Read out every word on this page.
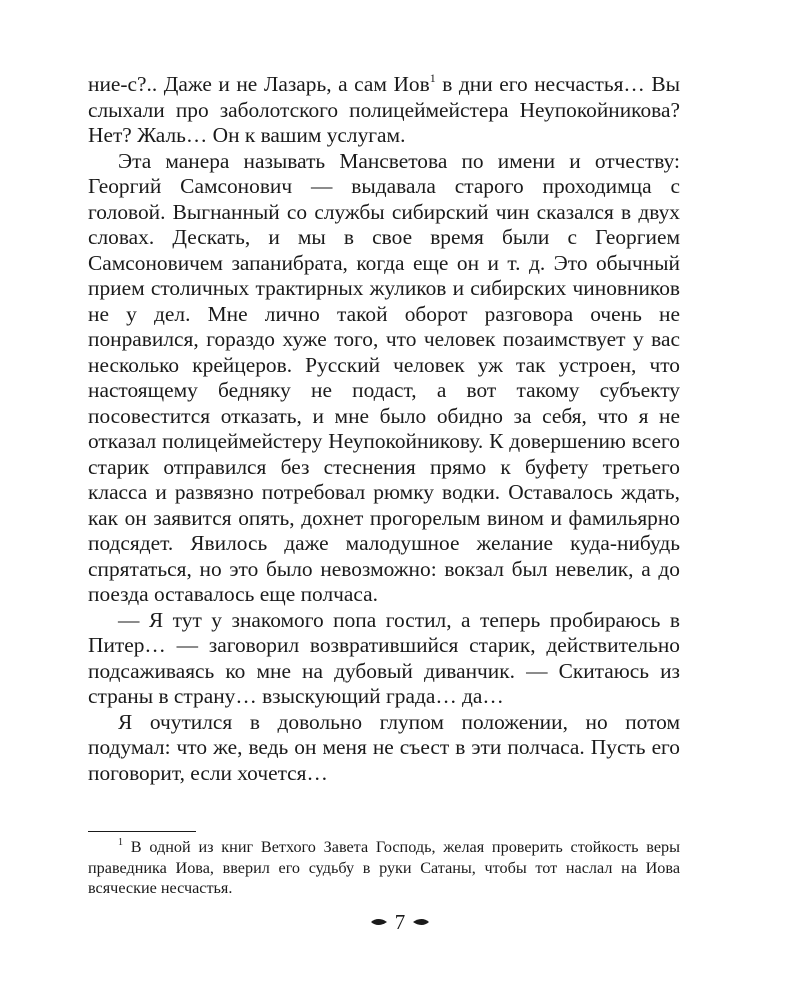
ние-с?.. Даже и не Лазарь, а сам Иов$^1$ в дни его несчастья… Вы слыхали про заболотского полицеймейстера Неупокойникова? Нет? Жаль… Он к вашим услугам.

Эта манера называть Мансветова по имени и отчеству: Георгий Самсонович — выдавала старого проходимца с головой. Выгнанный со службы сибирский чин сказался в двух словах. Дескать, и мы в свое время были с Георгием Самсоновичем запанибрата, когда еще он и т. д. Это обычный прием столичных трактирных жуликов и сибирских чиновников не у дел. Мне лично такой оборот разговора очень не понравился, гораздо хуже того, что человек позаимствует у вас несколько крейцеров. Русский человек уж так устроен, что настоящему бедняку не подаст, а вот такому субъекту посовестится отказать, и мне было обидно за себя, что я не отказал полицеймейстеру Неупокойникову. К довершению всего старик отправился без стеснения прямо к буфету третьего класса и развязно потребовал рюмку водки. Оставалось ждать, как он заявится опять, дохнет прогорелым вином и фамильярно подсядет. Явилось даже малодушное желание куда-нибудь спрятаться, но это было невозможно: вокзал был невелик, а до поезда оставалось еще полчаса.

— Я тут у знакомого попа гостил, а теперь пробираюсь в Питер… — заговорил возвратившийся старик, действительно подсаживаясь ко мне на дубовый диванчик. — Скитаюсь из страны в страну… взыскующий града… да…

Я очутился в довольно глупом положении, но потом подумал: что же, ведь он меня не съест в эти полчаса. Пусть его поговорит, если хочется…

$^1$ В одной из книг Ветхого Завета Господь, желая проверить стойкость веры праведника Иова, вверил его судьбу в руки Сатаны, чтобы тот наслал на Иова всяческие несчастья.

7
